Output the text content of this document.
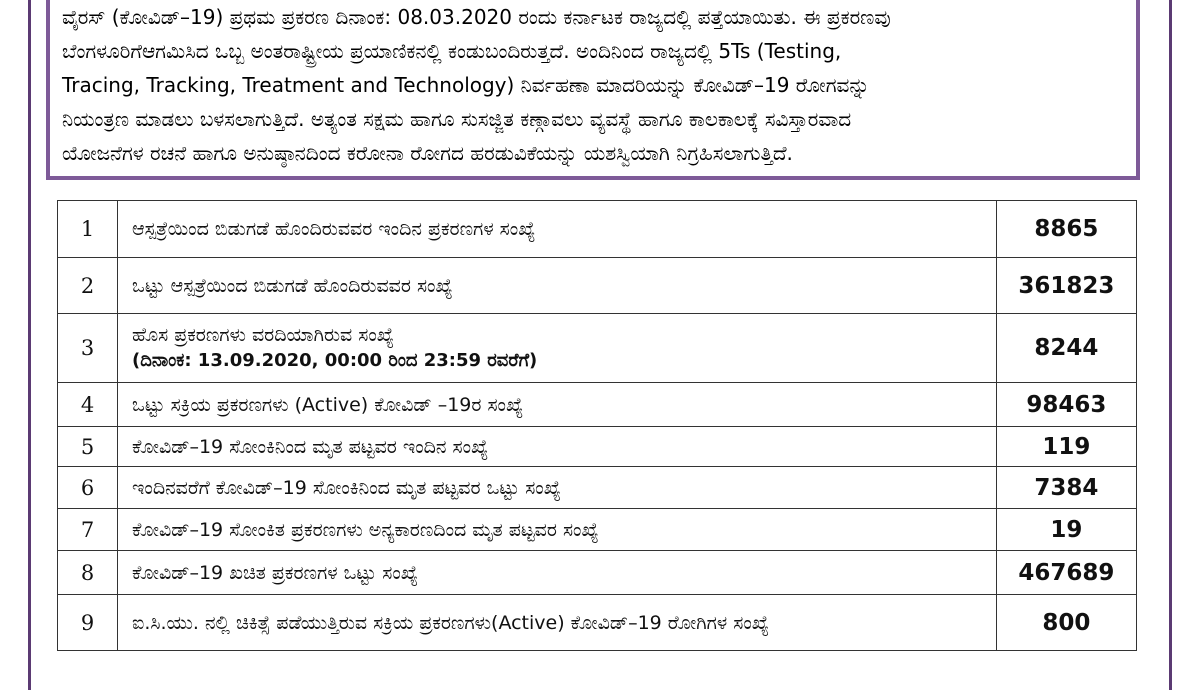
ವೈರಸ್ (ಕೋವಿಡ್–19) ಪ್ರಥಮ ಪ್ರಕರಣ ದಿನಾಂಕ: 08.03.2020 ರಂದು ಕರ್ನಾಟಕ ರಾಜ್ಯದಲ್ಲಿ ಪತ್ತೆಯಾಯಿತು. ಈ ಪ್ರಕರಣವು

ಬೆಂಗಳೂರಿಗೆಆಗಮಿಸಿದ ಒಬ್ಬ ಅಂತರಾಷ್ಟ್ರೀಯ ಪ್ರಯಾಣಿಕನಲ್ಲಿ ಕಂಡುಬಂದಿರುತ್ತದೆ. ಅಂದಿನಿಂದ ರಾಜ್ಯದಲ್ಲಿ 5Ts (Testing,

Tracing, Tracking, Treatment and Technology) ನಿರ್ವಹಣಾ ಮಾದರಿಯನ್ನು ಕೋವಿಡ್–19 ರೋಗವನ್ನು

ನಿಯಂತ್ರಣ ಮಾಡಲು ಬಳಸಲಾಗುತ್ತಿದೆ. ಅತ್ಯಂತ ಸಕ್ಷಮ ಹಾಗೂ ಸುಸಜ್ಜಿತ ಕಣ್ಗಾವಲು ವ್ಯವಸ್ಥೆ ಹಾಗೂ ಕಾಲಕಾಲಕ್ಕೆ ಸವಿಸ್ತಾರವಾದ

ಯೋಜನೆಗಳ ರಚನೆ ಹಾಗೂ ಅನುಷ್ಠಾನದಿಂದ ಕರೋನಾ ರೋಗದ ಹರಡುವಿಕೆಯನ್ನು ಯಶಸ್ವಿಯಾಗಿ ನಿಗ್ರಹಿಸಲಾಗುತ್ತಿದೆ.

1	ಆಸ್ಪತ್ರೆಯಿಂದ ಬಿಡುಗಡೆ ಹೊಂದಿರುವವರ ಇಂದಿನ ಪ್ರಕರಣಗಳ ಸಂಖ್ಯೆ	8865
2	ಒಟ್ಟು ಆಸ್ಪತ್ರೆಯಿಂದ ಬಿಡುಗಡೆ ಹೊಂದಿರುವವರ ಸಂಖ್ಯೆ	361823
3	ಹೊಸ ಪ್ರಕರಣಗಳು ವರದಿಯಾಗಿರುವ ಸಂಖ್ಯೆ
(ದಿನಾಂಕ: 13.09.2020, 00:00 ರಿಂದ 23:59 ರವರೆಗೆ)	8244
4	ಒಟ್ಟು ಸಕ್ರಿಯ ಪ್ರಕರಣಗಳು (Active) ಕೋವಿಡ್ –19ರ ಸಂಖ್ಯೆ	98463
5	ಕೋವಿಡ್–19 ಸೋಂಕಿನಿಂದ ಮೃತ ಪಟ್ಟವರ ಇಂದಿನ ಸಂಖ್ಯೆ	119
6	ಇಂದಿನವರೆಗೆ ಕೋವಿಡ್–19 ಸೋಂಕಿನಿಂದ ಮೃತ ಪಟ್ಟವರ ಒಟ್ಟು ಸಂಖ್ಯೆ	7384
7	ಕೋವಿಡ್–19 ಸೋಂಕಿತ ಪ್ರಕರಣಗಳು ಅನ್ಯಕಾರಣದಿಂದ ಮೃತ ಪಟ್ಟವರ ಸಂಖ್ಯೆ	19
8	ಕೋವಿಡ್–19 ಖಚಿತ ಪ್ರಕರಣಗಳ ಒಟ್ಟು ಸಂಖ್ಯೆ	467689
9	ಐ.ಸಿ.ಯು. ನಲ್ಲಿ ಚಿಕಿತ್ಸೆ ಪಡೆಯುತ್ತಿರುವ ಸಕ್ರಿಯ ಪ್ರಕರಣಗಳು(Active) ಕೋವಿಡ್–19 ರೋಗಿಗಳ ಸಂಖ್ಯೆ	800
